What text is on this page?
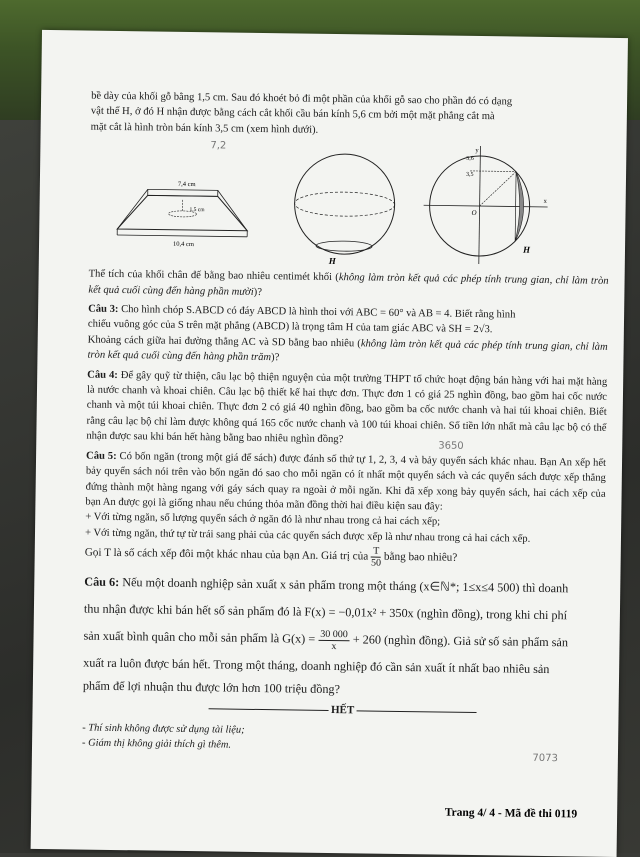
bề dày của khối gỗ bằng 1,5 cm. Sau đó khoét bỏ đi một phần của khối gỗ sao cho phần đó có dạng

vật thể H, ở đó H nhận được bằng cách cắt khối cầu bán kính 5,6 cm bởi một mặt phẳng cắt mà

mặt cắt là hình tròn bán kính 3,5 cm (xem hình dưới).

7,2
7,4 cm
10,4 cm
1,5 cm
H
y
5,6
3,5
O
x
H

Thể tích của khối chân đế bằng bao nhiêu centimét khối (không làm tròn kết quả các phép tính trung gian, chỉ làm tròn kết quả cuối cùng đến hàng phần mười)?

Câu 3: Cho hình chóp S.ABCD có đáy ABCD là hình thoi với ABC = 60° và AB = 4. Biết rằng hình

chiếu vuông góc của S trên mặt phẳng (ABCD) là trọng tâm H của tam giác ABC và SH = 2√3.

Khoảng cách giữa hai đường thẳng AC và SD bằng bao nhiêu (không làm tròn kết quả các phép tính trung gian, chỉ làm tròn kết quả cuối cùng đến hàng phần trăm)?

Câu 4: Để gây quỹ từ thiện, câu lạc bộ thiện nguyện của một trường THPT tổ chức hoạt động bán hàng với hai mặt hàng là nước chanh và khoai chiên. Câu lạc bộ thiết kế hai thực đơn. Thực đơn 1 có giá 25 nghìn đồng, bao gồm hai cốc nước chanh và một túi khoai chiên. Thực đơn 2 có giá 40 nghìn đồng, bao gồm ba cốc nước chanh và hai túi khoai chiên. Biết rằng câu lạc bộ chỉ làm được không quá 165 cốc nước chanh và 100 túi khoai chiên. Số tiền lớn nhất mà câu lạc bộ có thể nhận được sau khi bán hết hàng bằng bao nhiêu nghìn đồng?

3650

Câu 5: Có bốn ngăn (trong một giá để sách) được đánh số thứ tự 1, 2, 3, 4 và bảy quyển sách khác nhau. Bạn An xếp hết bảy quyển sách nói trên vào bốn ngăn đó sao cho mỗi ngăn có ít nhất một quyển sách và các quyển sách được xếp thẳng đứng thành một hàng ngang với gáy sách quay ra ngoài ở mỗi ngăn. Khi đã xếp xong bảy quyển sách, hai cách xếp của bạn An được gọi là giống nhau nếu chúng thỏa mãn đồng thời hai điều kiện sau đây:

+ Với từng ngăn, số lượng quyển sách ở ngăn đó là như nhau trong cả hai cách xếp;

+ Với từng ngăn, thứ tự từ trái sang phải của các quyển sách được xếp là như nhau trong cả hai cách xếp.

Gọi T là số cách xếp đôi một khác nhau của bạn An. Giá trị của $\frac{T}{50}$ bằng bao nhiêu?

Câu 6: Nếu một doanh nghiệp sản xuất x sản phẩm trong một tháng (x∈ℕ*; 1≤x≤4 500) thì doanh

thu nhận được khi bán hết số sản phẩm đó là F(x) = −0,01x² + 350x (nghìn đồng), trong khi chi phí

sản xuất bình quân cho mỗi sản phẩm là $G(x) = \frac{30 000}{x} + 260$ (nghìn đồng). Giả sử số sản phẩm sản

xuất ra luôn được bán hết. Trong một tháng, doanh nghiệp đó cần sản xuất ít nhất bao nhiêu sản

phẩm để lợi nhuận thu được lớn hơn 100 triệu đồng?

HẾT
- Thí sinh không được sử dụng tài liệu;
- Giám thị không giải thích gì thêm.
7073
Trang 4/ 4 - Mã đề thi 0119
